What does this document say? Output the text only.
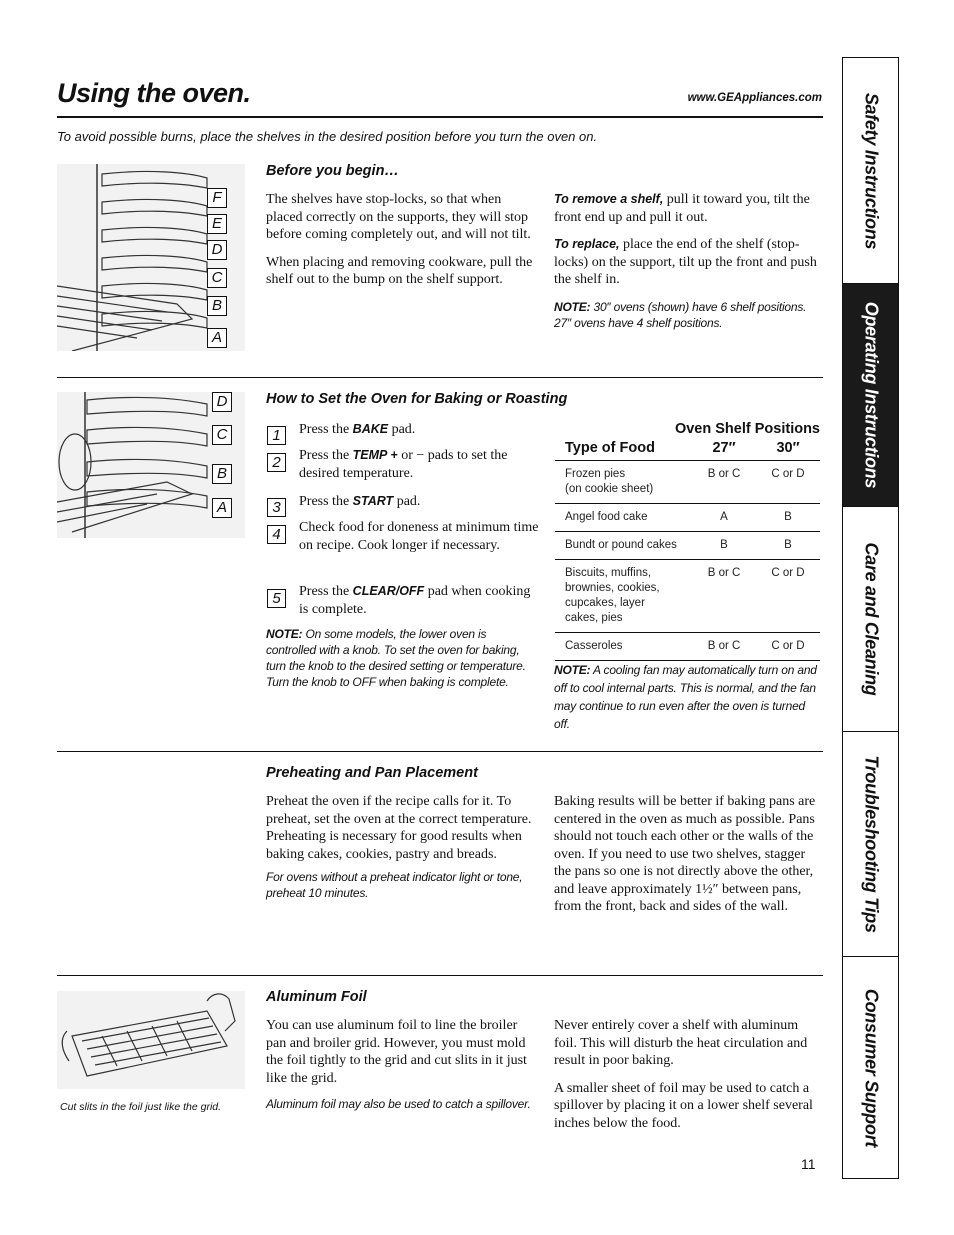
Using the oven.	www.GEAppliances.com
To avoid possible burns, place the shelves in the desired position before you turn the oven on.
F
E
D
C
B
A
Before you begin…

The shelves have stop-locks, so that when placed correctly on the supports, they will stop before coming completely out, and will not tilt.

When placing and removing cookware, pull the shelf out to the bump on the shelf support.

To remove a shelf, pull it toward you, tilt the front end up and pull it out.

To replace, place the end of the shelf (stop-locks) on the support, tilt up the front and push the shelf in.

NOTE: 30″ ovens (shown) have 6 shelf positions. 27″ ovens have 4 shelf positions.
D
C
B
A
How to Set the Oven for Baking or Roasting
1	Press the BAKE pad.
2	Press the TEMP + or − pads to set the desired temperature.
3	Press the START pad.
4	Check food for doneness at minimum time on recipe. Cook longer if necessary.
5	Press the CLEAR/OFF pad when cooking is complete.
NOTE: On some models, the lower oven is controlled with a knob. To set the oven for baking, turn the knob to the desired setting or temperature. Turn the knob to OFF when baking is complete.
Oven Shelf Positions
Type of Food	27″	30″
Frozen pies
(on cookie sheet)	B or C	C or D
Angel food cake	A	B
Bundt or pound cakes	B	B
Biscuits, muffins,
brownies, cookies,
cupcakes, layer
cakes, pies	B or C	C or D
Casseroles	B or C	C or D
NOTE: A cooling fan may automatically turn on and off to cool internal parts. This is normal, and the fan may continue to run even after the oven is turned off.
Preheating and Pan Placement

Preheat the oven if the recipe calls for it. To preheat, set the oven at the correct temperature. Preheating is necessary for good results when baking cakes, cookies, pastry and breads.

For ovens without a preheat indicator light or tone, preheat 10 minutes.

Baking results will be better if baking pans are centered in the oven as much as possible. Pans should not touch each other or the walls of the oven. If you need to use two shelves, stagger the pans so one is not directly above the other, and leave approximately 1½″ between pans, from the front, back and sides of the wall.

Cut slits in the foil just like the grid.
Aluminum Foil

You can use aluminum foil to line the broiler pan and broiler grid. However, you must mold the foil tightly to the grid and cut slits in it just like the grid.

Aluminum foil may also be used to catch a spillover.

Never entirely cover a shelf with aluminum foil. This will disturb the heat circulation and result in poor baking.

A smaller sheet of foil may be used to catch a spillover by placing it on a lower shelf several inches below the food.

11
Safety Instructions
Operating Instructions
Care and Cleaning
Troubleshooting Tips
Consumer Support
